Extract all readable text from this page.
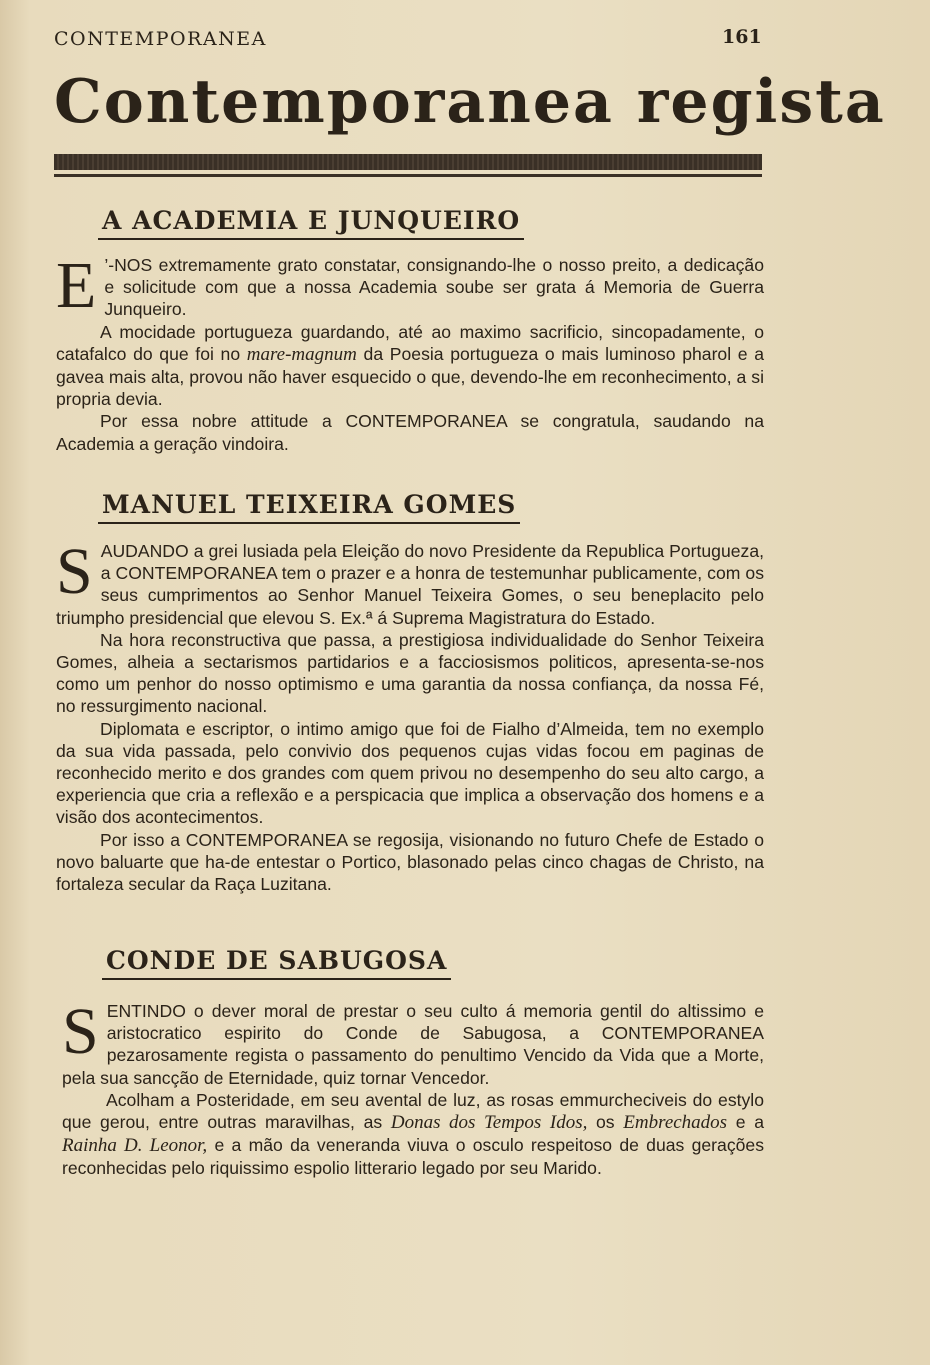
CONTEMPORANEA	161
Contemporanea regista
A ACADEMIA E JUNQUEIRO

E ’-NOS extremamente grato constatar, consignando-lhe o nosso preito, a dedicação e solicitude com que a nossa Academia soube ser grata á Memoria de Guerra Junqueiro.

A mocidade portugueza guardando, até ao maximo sacrificio, sincopadamente, o catafalco do que foi no mare-magnum da Poesia portugueza o mais luminoso pharol e a gavea mais alta, provou não haver esquecido o que, devendo-lhe em reconhecimento, a si propria devia.

Por essa nobre attitude a CONTEMPORANEA se congratula, saudando na Academia a geração vindoira.

MANUEL TEIXEIRA GOMES

SAUDANDO a grei lusiada pela Eleição do novo Presidente da Republica Portugueza, a CONTEMPORANEA tem o prazer e a honra de testemunhar publicamente, com os seus cumprimentos ao Senhor Manuel Teixeira Gomes, o seu beneplacito pelo triumpho presidencial que elevou S. Ex.ª á Suprema Magistratura do Estado.

Na hora reconstructiva que passa, a prestigiosa individualidade do Senhor Teixeira Gomes, alheia a sectarismos partidarios e a facciosismos politicos, apresenta-se-nos como um penhor do nosso optimismo e uma garantia da nossa confiança, da nossa Fé, no ressurgimento nacional.

Diplomata e escriptor, o intimo amigo que foi de Fialho d’Almeida, tem no exemplo da sua vida passada, pelo convivio dos pequenos cujas vidas focou em paginas de reconhecido merito e dos grandes com quem privou no desempenho do seu alto cargo, a experiencia que cria a reflexão e a perspicacia que implica a observação dos homens e a visão dos acontecimentos.

Por isso a CONTEMPORANEA se regosija, visionando no futuro Chefe de Estado o novo baluarte que ha-de entestar o Portico, blasonado pelas cinco chagas de Christo, na fortaleza secular da Raça Luzitana.

CONDE DE SABUGOSA

SENTINDO o dever moral de prestar o seu culto á memoria gentil do altissimo e aristocratico espirito do Conde de Sabugosa, a CONTEMPORANEA pezarosamente regista o passamento do penultimo Vencido da Vida que a Morte, pela sua sancção de Eternidade, quiz tornar Vencedor.

Acolham a Posteridade, em seu avental de luz, as rosas emmurcheciveis do estylo que gerou, entre outras maravilhas, as Donas dos Tempos Idos, os Embrechados e a Rainha D. Leonor, e a mão da veneranda viuva o osculo respeitoso de duas gerações reconhecidas pelo riquissimo espolio litterario legado por seu Marido.
